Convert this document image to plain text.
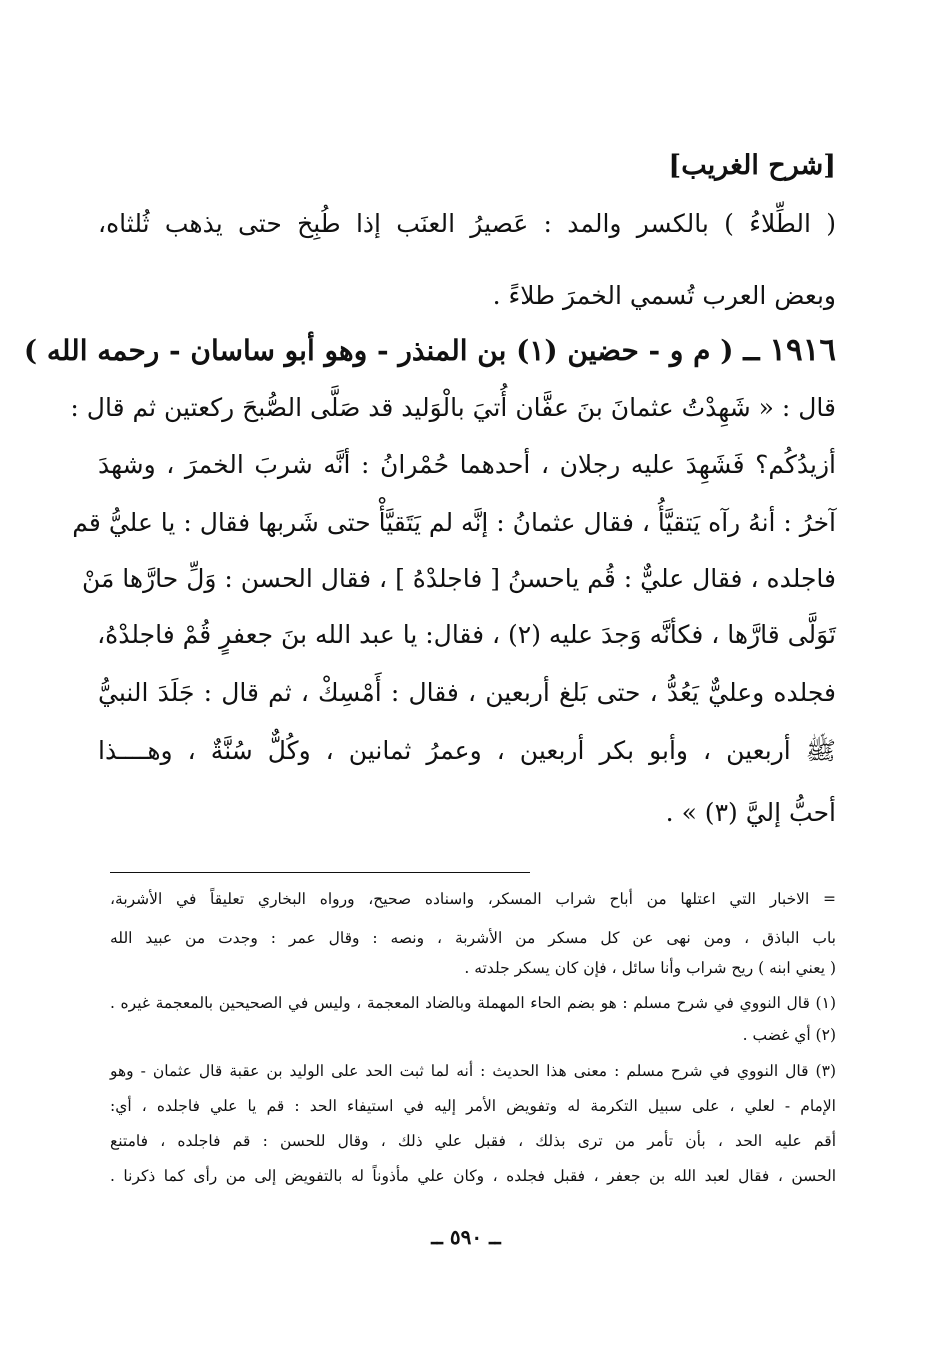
[شرح الغريب]
( الطِّلاءُ ) بالكسر والمد : عَصيرُ العنَب إذا طُبِخ حتى يذهب ثُلثاه،
وبعض العرب تُسمي الخمرَ طلاءً .
١٩١٦ ــ ( م و - حضين (١) بن المنذر - وهو أبو ساسان - رحمه الله )
قال : « شَهِدْتُ عثمانَ بنَ عفَّان أُتيَ بالْوَليد قد صَلَّى الصُّبحَ ركعتين ثم قال :
أزيدُكُم؟ فَشَهِدَ عليه رجلان ، أحدهما حُمْرانُ : أنَّه شربَ الخمرَ ، وشهدَ
آخرُ : أنهُ رآه يَتقيَّأُ ، فقال عثمانُ : إنَّه لم يَتَقيَّأْ حتى شَربها فقال : يا عليُّ قم
فاجلده ، فقال عليٌّ : قُم ياحسنُ [ فاجلدْهُ ] ، فقال الحسن : وَلِّ حارَّها مَنْ
تَوَلَّى قارَّها ، فكأنَّه وَجدَ عليه (٢) ، فقال: يا عبد الله بنَ جعفرٍ قُمْ فاجلدْهُ،
فجلده وعليٌّ يَعُدُّ ، حتى بَلغ أربعين ، فقال : أَمْسِكْ ، ثم قال : جَلَدَ النبيُّ
ﷺ أربعين ، وأبو بكر أربعين ، وعمرُ ثمانين ، وكُلٌّ سُنَّةٌ ، وهــــذا
أحبُّ إليَّ (٣) » .
= الاخبار التي اعتلها من أباح شراب المسكر، واسناده صحيح، ورواه البخاري تعليقاً في الأشربة،
باب الباذق ، ومن نهى عن كل مسكر من الأشربة ، ونصه : وقال عمر : وجدت من عبيد الله
( يعني ابنه ) ريح شراب وأنا سائل ، فإن كان يسكر جلدته .
(١) قال النووي في شرح مسلم : هو بضم الحاء المهملة وبالضاد المعجمة ، وليس في الصحيحين بالمعجمة غيره .
(٢) أي غضب .
(٣) قال النووي في شرح مسلم : معنى هذا الحديث : أنه لما ثبت الحد على الوليد بن عقبة قال عثمان - وهو
الإمام - لعلي ، على سبيل التكرمة له وتفويض الأمر إليه في استيفاء الحد : قم يا علي فاجلده ، أي:
أقم عليه الحد ، بأن تأمر من ترى بذلك ، فقبل علي ذلك ، وقال للحسن : قم فاجلده ، فامتنع
الحسن ، فقال لعبد الله بن جعفر ، فقبل فجلده ، وكان علي مأذوناً له بالتفويض إلى من رأى كما ذكرنا .
ــ ٥٩٠ ــ
